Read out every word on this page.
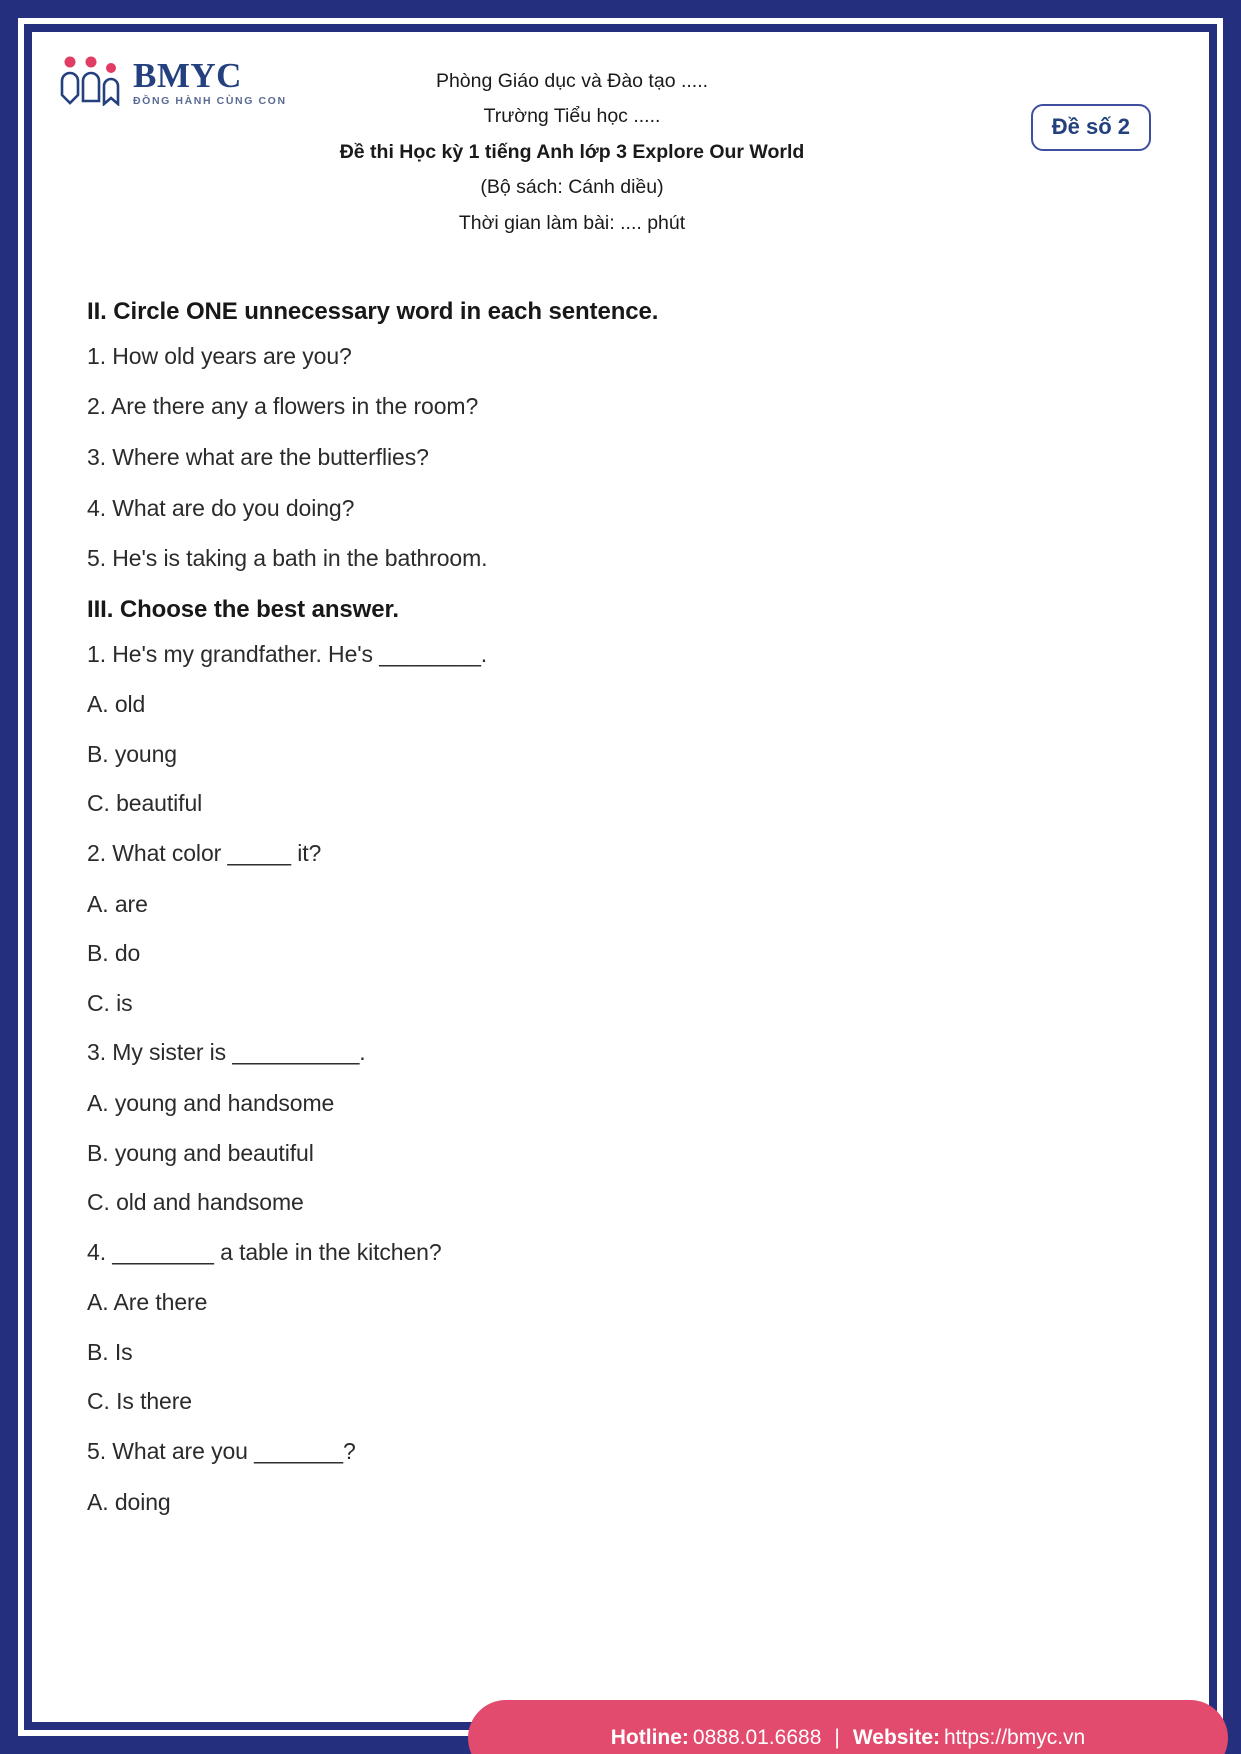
BMYC
ĐỒNG HÀNH CÙNG CON
Phòng Giáo dục và Đào tạo .....
Trường Tiểu học .....
Đề thi Học kỳ 1 tiếng Anh lớp 3 Explore Our World
(Bộ sách: Cánh diều)
Thời gian làm bài: .... phút
Đề số 2
II. Circle ONE unnecessary word in each sentence.
1. How old years are you?
2. Are there any a flowers in the room?
3. Where what are the butterflies?
4. What are do you doing?
5. He's is taking a bath in the bathroom.
III. Choose the best answer.
1. He's my grandfather. He's ________.
A. old
B. young
C. beautiful
2. What color _____ it?
A. are
B. do
C. is
3. My sister is __________.
A. young and handsome
B. young and beautiful
C. old and handsome
4. ________ a table in the kitchen?
A. Are there
B. Is
C. Is there
5. What are you _______?
A. doing
Hotline: 0888.01.6688 | Website: https://bmyc.vn
